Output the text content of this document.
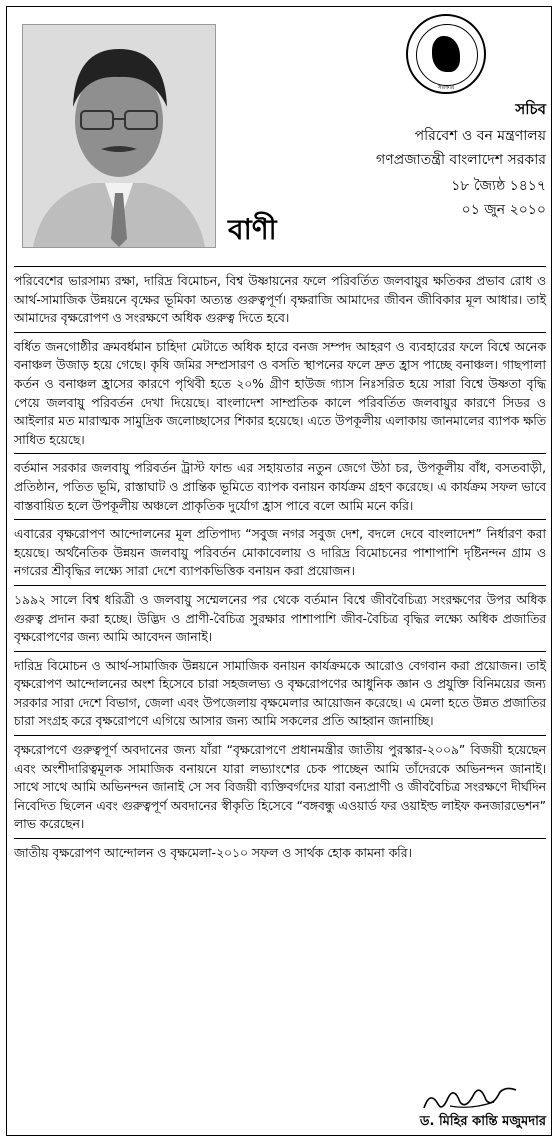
সরকার
সচিব
পরিবেশ ও বন মন্ত্রণালয়
গণপ্রজাতন্ত্রী বাংলাদেশ সরকার
১৮ জ্যৈষ্ঠ ১৪১৭
০১ জুন ২০১০
বাণী

পরিবেশের ভারসাম্য রক্ষা, দারিদ্র বিমোচন, বিশ্ব উষ্ণায়নের ফলে পরিবর্তিত জলবায়ুর ক্ষতিকর প্রভাব রোধ ও আর্থ-সামাজিক উন্নয়নে বৃক্ষের ভূমিকা অত্যন্ত গুরুত্বপূর্ণ। বৃক্ষরাজি আমাদের জীবন জীবিকার মূল আধার। তাই আমাদের বৃক্ষরোপণ ও সংরক্ষণে অধিক গুরুত্ব দিতে হবে।

বর্ধিত জনগোষ্ঠীর ক্রমবর্ধমান চাহিদা মেটাতে অধিক হারে বনজ সম্পদ আহরণ ও ব্যবহারের ফলে বিশ্বে অনেক বনাঞ্চল উজাড় হয়ে গেছে। কৃষি জমির সম্প্রসারণ ও বসতি স্থাপনের ফলে দ্রুত হ্রাস পাচ্ছে বনাঞ্চল। গাছপালা কর্তন ও বনাঞ্চল হ্রাসের কারণে পৃথিবী হতে ২০% গ্রীণ হাউজ গ্যাস নিঃসরিত হয়ে সারা বিশ্বে উষ্ণতা বৃদ্ধি পেয়ে জলবায়ু পরিবর্তন দেখা দিয়েছে। বাংলাদেশ সাম্প্রতিক কালে পরিবর্তিত জলবায়ুর কারণে সিডর ও আইলার মত মারাত্মক সামুদ্রিক জলোচ্ছাসের শিকার হয়েছে। এতে উপকূলীয় এলাকায় জানমালের ব্যাপক ক্ষতি সাধিত হয়েছে।

বর্তমান সরকার জলবায়ু পরিবর্তন ট্রাস্ট ফান্ড এর সহায়তার নতুন জেগে উঠা চর, উপকূলীয় বাঁধ, বসতবাড়ী, প্রতিষ্ঠান, পতিত ভূমি, রাস্তাঘাট ও প্রান্তিক ভূমিতে ব্যাপক বনায়ন কার্যক্রম গ্রহণ করেছে। এ কার্যক্রম সফল ভাবে বাস্তবায়িত হলে উপকূলীয় অঞ্চলে প্রাকৃতিক দুর্যোগ হ্রাস পাবে বলে আমি মনে করি।

এবারের বৃক্ষরোপণ আন্দোলনের মূল প্রতিপাদ্য “সবুজ নগর সবুজ দেশ, বদলে দেবে বাংলাদেশ” নির্ধারণ করা হয়েছে। অর্থনৈতিক উন্নয়ন জলবায়ু পরিবর্তন মোকাবেলায় ও দারিদ্র বিমোচনের পাশাপাশি দৃষ্টিনন্দন গ্রাম ও নগরের শ্রীবৃদ্ধির লক্ষ্যে সারা দেশে ব্যাপকভিত্তিক বনায়ন করা প্রয়োজন।

১৯৯২ সালে বিশ্ব ধরিত্রী ও জলবায়ু সম্মেলনের পর থেকে বর্তমান বিশ্বে জীববৈচিত্র্য সংরক্ষণের উপর অধিক গুরুত্ব প্রদান করা হচ্ছে। উদ্ভিদ ও প্রাণী-বৈচিত্র সুরক্ষার পাশাপাশি জীব-বৈচিত্র বৃদ্ধির লক্ষ্যে অধিক প্রজাতির বৃক্ষরোপণের জন্য আমি আবেদন জানাই।

দারিদ্র বিমোচন ও আর্থ-সামাজিক উন্নয়নে সামাজিক বনায়ন কার্যক্রমকে আরোও বেগবান করা প্রয়োজন। তাই বৃক্ষরোপণ আন্দোলনের অংশ হিসেবে চারা সহজলভ্য ও বৃক্ষরোপণের আধুনিক জ্ঞান ও প্রযুক্তি বিনিময়ের জন্য সরকার সারা দেশে বিভাগ, জেলা এবং উপজেলায় বৃক্ষমেলার আয়োজন করেছে। এ মেলা হতে উন্নত প্রজাতির চারা সংগ্রহ করে বৃক্ষরোপণে এগিয়ে আসার জন্য আমি সকলের প্রতি আহ্বান জানাচ্ছি।

বৃক্ষরোপণে গুরুত্বপূর্ণ অবদানের জন্য যাঁরা “বৃক্ষরোপণে প্রধানমন্ত্রীর জাতীয় পুরস্কার-২০০৯” বিজয়ী হয়েছেন এবং অংশীদারিত্বমূলক সামাজিক বনায়নে যারা লভ্যাংশের চেক পাচ্ছেন আমি তাঁদেরকে অভিনন্দন জানাই। সাথে সাথে আমি অভিনন্দন জানাই সে সব বিজয়ী ব্যক্তিবর্গদের যারা বন্যপ্রাণী ও জীববৈচিত্র সংরক্ষণে দীর্ঘদিন নিবেদিত ছিলেন এবং গুরুত্বপূর্ণ অবদানের স্বীকৃতি হিসেবে “বঙ্গবন্ধু এওয়ার্ড ফর ওয়াইল্ড লাইফ কনজারভেশন” লাভ করেছেন।

জাতীয় বৃক্ষরোপণ আন্দোলন ও বৃক্ষমেলা-২০১০ সফল ও সার্থক হোক কামনা করি।

ড. মিহির কান্তি মজুমদার
